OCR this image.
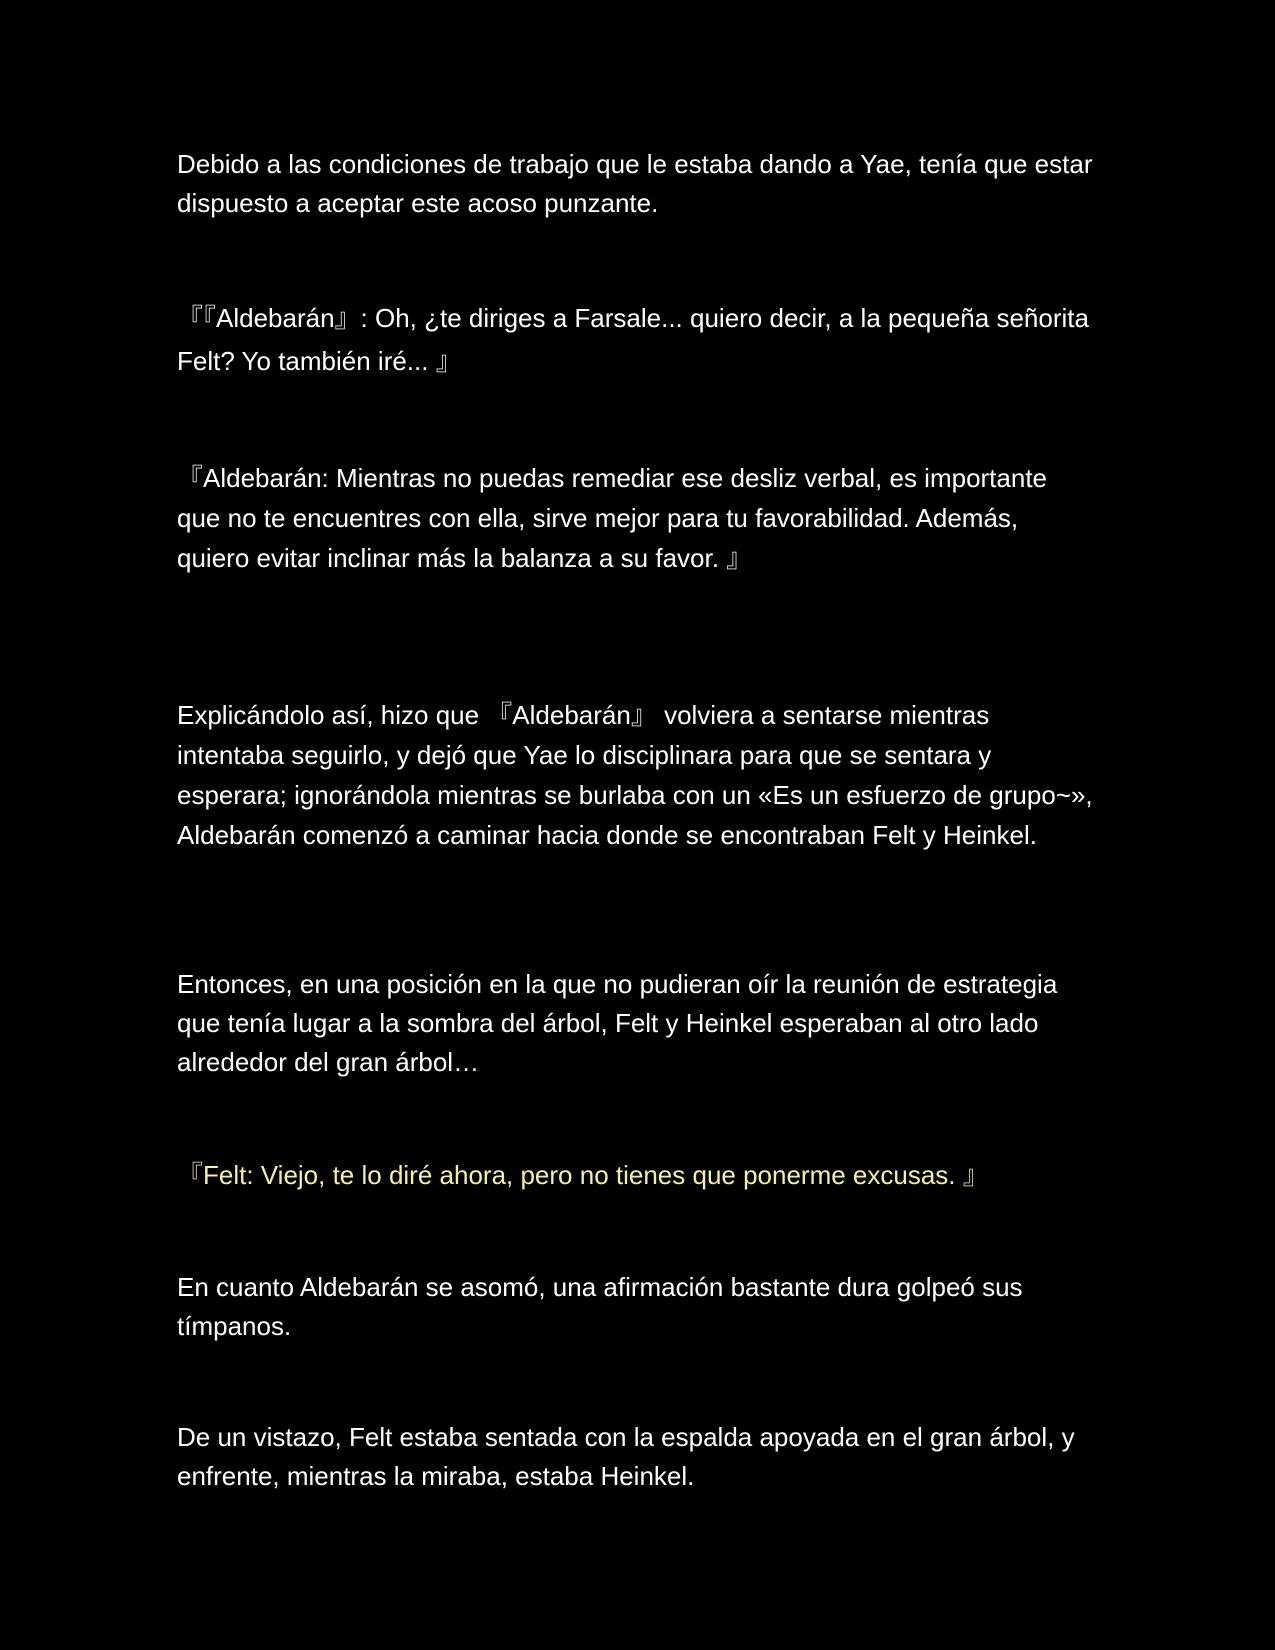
Debido a las condiciones de trabajo que le estaba dando a Yae, tenía que estar dispuesto a aceptar este acoso punzante.

『『Aldebarán』: Oh, ¿te diriges a Farsale... quiero decir, a la pequeña señorita Felt? Yo también iré... 』

『Aldebarán: Mientras no puedas remediar ese desliz verbal, es importante que no te encuentres con ella, sirve mejor para tu favorabilidad. Además, quiero evitar inclinar más la balanza a su favor. 』

Explicándolo así, hizo que 『Aldebarán』 volviera a sentarse mientras intentaba seguirlo, y dejó que Yae lo disciplinara para que se sentara y esperara; ignorándola mientras se burlaba con un «Es un esfuerzo de grupo~», Aldebarán comenzó a caminar hacia donde se encontraban Felt y Heinkel.

Entonces, en una posición en la que no pudieran oír la reunión de estrategia que tenía lugar a la sombra del árbol, Felt y Heinkel esperaban al otro lado alrededor del gran árbol…

『Felt: Viejo, te lo diré ahora, pero no tienes que ponerme excusas. 』

En cuanto Aldebarán se asomó, una afirmación bastante dura golpeó sus tímpanos.

De un vistazo, Felt estaba sentada con la espalda apoyada en el gran árbol, y enfrente, mientras la miraba, estaba Heinkel.
